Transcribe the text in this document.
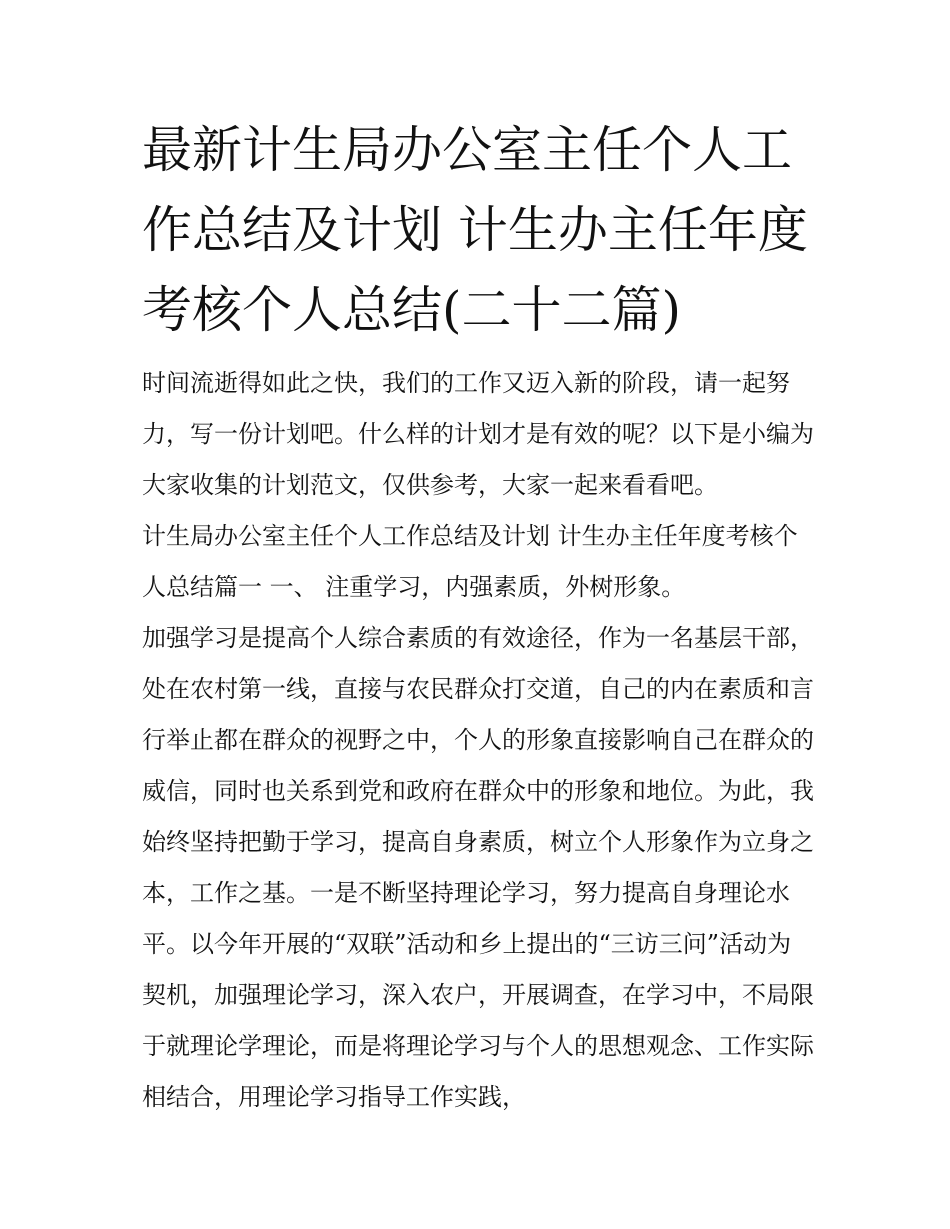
最新计生局办公室主任个人工作总结及计划 计生办主任年度考核个人总结(二十二篇)

时间流逝得如此之快，我们的工作又迈入新的阶段，请一起努力，写一份计划吧。什么样的计划才是有效的呢？以下是小编为大家收集的计划范文，仅供参考，大家一起来看看吧。

计生局办公室主任个人工作总结及计划 计生办主任年度考核个人总结篇一 一、 注重学习，内强素质，外树形象。

加强学习是提高个人综合素质的有效途径，作为一名基层干部，处在农村第一线，直接与农民群众打交道，自己的内在素质和言行举止都在群众的视野之中，个人的形象直接影响自己在群众的威信，同时也关系到党和政府在群众中的形象和地位。为此，我始终坚持把勤于学习，提高自身素质，树立个人形象作为立身之本，工作之基。一是不断坚持理论学习，努力提高自身理论水平。以今年开展的“双联”活动和乡上提出的“三访三问”活动为契机，加强理论学习，深入农户，开展调查，在学习中，不局限于就理论学理论，而是将理论学习与个人的思想观念、工作实际相结合，用理论学习指导工作实践，
